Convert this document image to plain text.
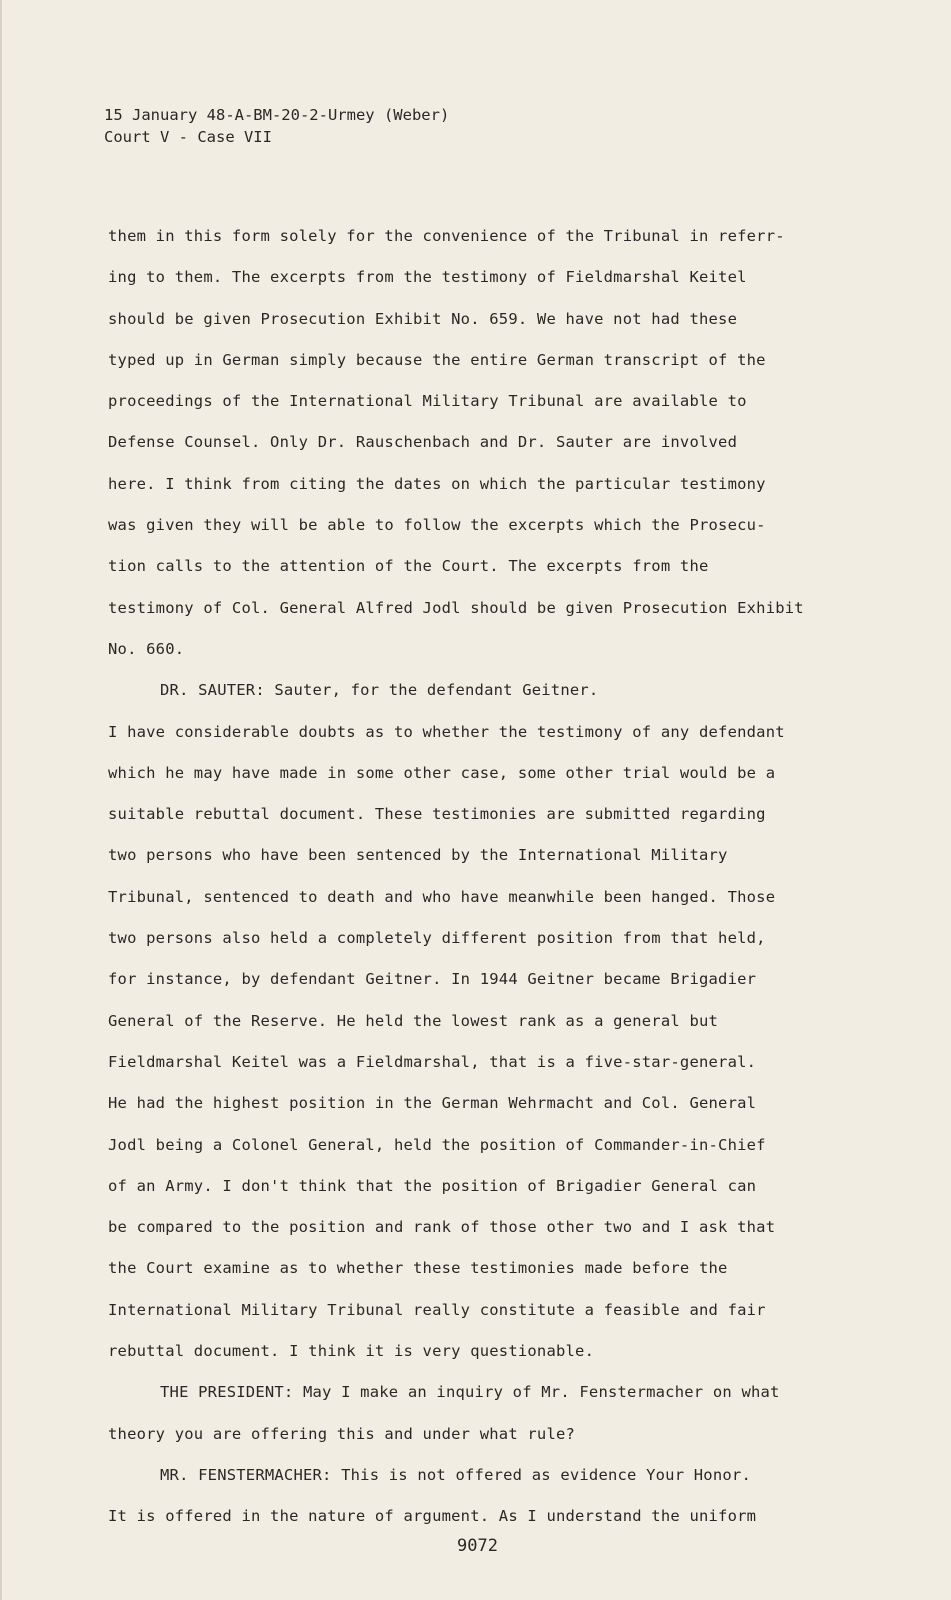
15 January 48-A-BM-20-2-Urmey (Weber)
Court V - Case VII
them in this form solely for the convenience of the Tribunal in referr-
ing to them. The excerpts from the testimony of Fieldmarshal Keitel
should be given Prosecution Exhibit No. 659. We have not had these
typed up in German simply because the entire German transcript of the
proceedings of the International Military Tribunal are available to
Defense Counsel. Only Dr. Rauschenbach and Dr. Sauter are involved
here. I think from citing the dates on which the particular testimony
was given they will be able to follow the excerpts which the Prosecu-
tion calls to the attention of the Court. The excerpts from the
testimony of Col. General Alfred Jodl should be given Prosecution Exhibit
No. 660.
DR. SAUTER: Sauter, for the defendant Geitner.
I have considerable doubts as to whether the testimony of any defendant
which he may have made in some other case, some other trial would be a
suitable rebuttal document. These testimonies are submitted regarding
two persons who have been sentenced by the International Military
Tribunal, sentenced to death and who have meanwhile been hanged. Those
two persons also held a completely different position from that held,
for instance, by defendant Geitner. In 1944 Geitner became Brigadier
General of the Reserve. He held the lowest rank as a general but
Fieldmarshal Keitel was a Fieldmarshal, that is a five-star-general.
He had the highest position in the German Wehrmacht and Col. General
Jodl being a Colonel General, held the position of Commander-in-Chief
of an Army. I don't think that the position of Brigadier General can
be compared to the position and rank of those other two and I ask that
the Court examine as to whether these testimonies made before the
International Military Tribunal really constitute a feasible and fair
rebuttal document. I think it is very questionable.
THE PRESIDENT: May I make an inquiry of Mr. Fenstermacher on what
theory you are offering this and under what rule?
MR. FENSTERMACHER: This is not offered as evidence Your Honor.
It is offered in the nature of argument. As I understand the uniform
9072
